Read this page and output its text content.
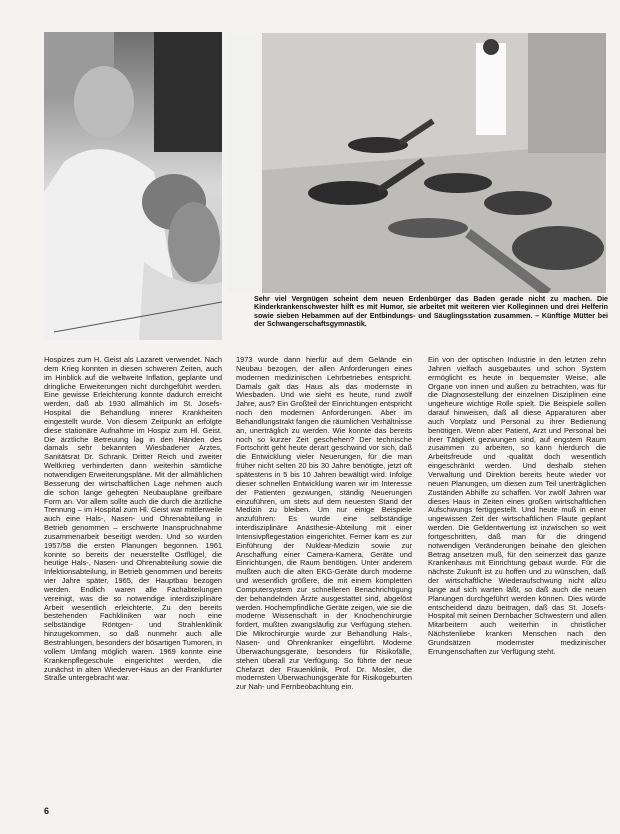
Sehr viel Vergnügen scheint dem neuen Erdenbürger das Baden gerade nicht zu machen. Die Kinderkrankenschwester hilft es mit Humor, sie arbeitet mit weiteren vier Kolleginnen und drei Helferin sowie sieben Hebammen auf der Entbindungs- und Säuglingsstation zusammen. – Künftige Mütter bei der Schwangerschaftsgymnastik.

Hospizes zum H. Geist als Lazarett verwendet. Nach dem Krieg konnten in diesen schweren Zeiten, auch im Hinblick auf die weltweite Inflation, geplante und dringliche Erweiterungen nicht durchgeführt werden. Eine gewisse Erleichterung konnte dadurch erreicht werden, daß ab 1930 allmählich im St. Josefs-Hospital die Behandlung innerer Krankheiten eingestellt wurde. Von diesem Zeitpunkt an erfolgte diese stationäre Aufnahme im Hospiz zum Hl. Geist. Die ärztliche Betreuung lag in den Händen des damals sehr bekannten Wiesbadener Arztes, Sanitätsrat Dr. Schrank. Dritter Reich und zweiter Weltkrieg verhinderten dann weiterhin sämtliche notwendigen Erweiterungspläne. Mit der allmählichen Besserung der wirtschaftlichen Lage nehmen auch die schon lange gehegten Neubaupläne greifbare Form an. Vor allem sollte auch die durch die ärztliche Trennung – im Hospital zum Hl. Geist war mittlerweile auch eine Hals-, Nasen- und Ohrenabteilung in Betrieb genommen – erschwerte Inanspruchnahme zusammenarbeit beseitigt werden. Und so wurden 1957/58 die ersten Planungen begonnen. 1961 konnte so bereits der neuerstellte Ostflügel, die heutige Hals-, Nasen- und Ohrenabteilung sowie die Infektionsabteilung, in Betrieb genommen und bereits vier Jahre später, 1965, der Hauptbau bezogen werden. Endlich waren alle Fachabteilungen vereinigt, was die so notwendige interdisziplinäre Arbeit wesentlich erleichterte. Zu den bereits bestehenden Fachkliniken war noch eine selbständige Röntgen- und Strahlenklinik hinzugekommen, so daß nunmehr auch alle Bestrahlungen, besonders der bösartigen Tumoren, in vollem Umfang möglich waren. 1969 konnte eine Krankenpflegeschule eingerichtet werden, die zunächst in alten Wiederver-Haus an der Frankfurter Straße untergebracht war.

1973 wurde dann hierfür auf dem Gelände ein Neubau bezogen, der allen Anforderungen eines modernen medizinischen Lehrbetriebes entspricht. Damals galt das Haus als das modernste in Wiesbaden. Und wie sieht es heute, rund zwölf Jahre, aus? Ein Großteil der Einrichtungen entspricht noch den modernen Anforderungen. Aber im Behandlungstrakt fangen die räumlichen Verhältnisse an, unerträglich zu werden. Wie konnte das bereits noch so kurzer Zeit geschehen? Der technische Fortschritt geht heute derart geschwind vor sich, daß die Entwicklung vieler Neuerungen, für die man früher nicht selten 20 bis 30 Jahre benötigte, jetzt oft spätestens in 5 bis 10 Jahren bewältigt wird. Infolge dieser schnellen Entwicklung waren wir im Interesse der Patienten gezwungen, ständig Neuerungen einzuführen, um stets auf dem neuesten Stand der Medizin zu bleiben. Um nur einige Beispiele anzuführen: Es wurde eine selbständige interdisziplinäre Anästhesie-Abteilung mit einer Intensivpflegestation eingerichtet. Ferner kam es zur Einführung der Nuklear-Medizin sowie zur Anschaffung einer Camera-Kamera, Geräte und Einrichtungen, die Raum benötigen. Unter anderem mußten auch die alten EKG-Geräte durch moderne und wesentlich größere, die mit einem kompletten Computersystem zur schnelleren Benachrichtigung der behandelnden Ärzte ausgestattet sind, abgelöst werden. Hochempfindliche Geräte zeigen, wie sie die moderne Wissenschaft in der Knochenchirurgie fordert, mußten zwangsläufig zur Verfügung stehen. Die Mikrochirurgie wurde zur Behandlung Hals-, Nasen- und Ohrenkranker eingeführt. Moderne Überwachungsgeräte, besonders für Risikofälle, stehen überall zur Verfügung. So führte der neue Chefarzt der Frauenklinik, Prof. Dr. Mosler, die modernsten Überwachungsgeräte für Risikogeburten zur Nah- und Fernbeobachtung ein.

Ein von der optischen Industrie in den letzten zehn Jahren vielfach ausgebautes und schon System ermöglicht es heute in bequemster Weise, alle Organe von innen und außen zu betrachten, was für die Diagnosestellung der einzelnen Disziplinen eine ungeheure wichtige Rolle spielt. Die Beispiele sollen darauf hinweisen, daß all diese Apparaturen aber auch Vorplatz und Personal zu ihrer Bedienung benötigen. Wenn aber Patient, Arzt und Personal bei ihrer Tätigkeit gezwungen sind, auf engstem Raum zusammen zu arbeiten, so kann hierdurch die Arbeitsfreude und -qualität doch wesentlich eingeschränkt werden. Und deshalb stehen Verwaltung und Direktion bereits heute wieder vor neuen Planungen, um diesen zum Teil unerträglichen Zuständen Abhilfe zu schaffen. Vor zwölf Jahren war dieses Haus in Zeiten eines großen wirtschaftlichen Aufschwungs fertiggestellt. Und heute muß in einer ungewissen Zeit der wirtschaftlichen Flaute geplant werden. Die Geldentwertung ist inzwischen so weit fortgeschritten, daß man für die dringend notwendigen Veränderungen beinahe den gleichen Betrag ansetzen muß, für den seinerzeit das ganze Krankenhaus mit Einrichtung gebaut wurde. Für die nächste Zukunft ist zu hoffen und zu wünschen, daß der wirtschaftliche Wiederaufschwung nicht allzu lange auf sich warten läßt, so daß auch die neuen Planungen durchgeführt werden können. Dies würde entscheidend dazu beitragen, daß das St. Josefs-Hospital mit seinen Dernbacher Schwestern und allen Mitarbeitern auch weiterhin in christlicher Nächstenliebe kranken Menschen nach den Grundsätzen modernster medizinischer Errungenschaften zur Verfügung steht.

6
